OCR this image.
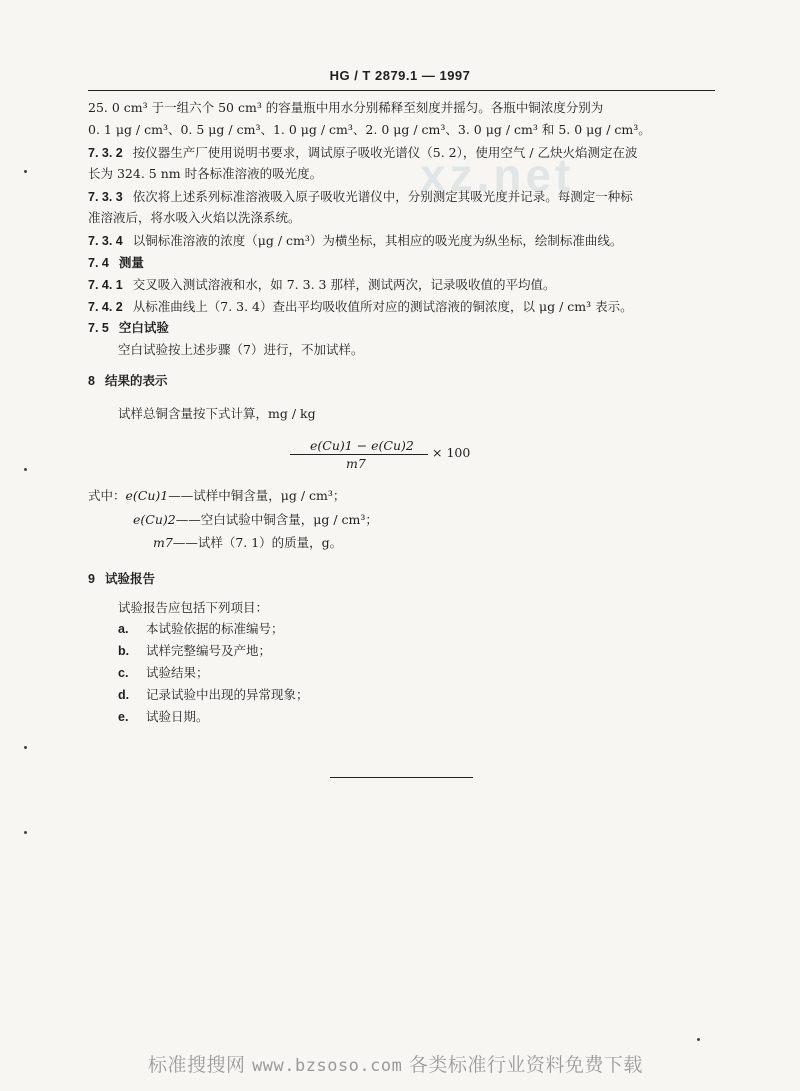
xz.net
HG / T 2879.1 — 1997
25. 0 cm³ 于一组六个 50 cm³ 的容量瓶中用水分别稀释至刻度并摇匀。各瓶中铜浓度分别为
0. 1 μg / cm³、0. 5 μg / cm³、1. 0 μg / cm³、2. 0 μg / cm³、3. 0 μg / cm³ 和 5. 0 μg / cm³。
7. 3. 2 按仪器生产厂使用说明书要求，调试原子吸收光谱仪（5. 2），使用空气 / 乙炔火焰测定在波
长为 324. 5 nm 时各标准溶液的吸光度。
7. 3. 3 依次将上述系列标准溶液吸入原子吸收光谱仪中，分别测定其吸光度并记录。每测定一种标
准溶液后，将水吸入火焰以洗涤系统。
7. 3. 4 以铜标准溶液的浓度（μg / cm³）为横坐标，其相应的吸光度为纵坐标，绘制标准曲线。
7. 4 测量
7. 4. 1 交叉吸入测试溶液和水，如 7. 3. 3 那样，测试两次，记录吸收值的平均值。
7. 4. 2 从标准曲线上（7. 3. 4）查出平均吸收值所对应的测试溶液的铜浓度，以 μg / cm³ 表示。
7. 5 空白试验
空白试验按上述步骤（7）进行，不加试样。
8 结果的表示
试样总铜含量按下式计算，mg / kg
e(Cu)1 − e(Cu)2
m7
× 100
式中：e(Cu)1——试样中铜含量，μg / cm³；
e(Cu)2——空白试验中铜含量，μg / cm³；
m7——试样（7. 1）的质量，g。
9 试验报告
试验报告应包括下列项目：
a. 本试验依据的标准编号；
b. 试样完整编号及产地；
c. 试验结果；
d. 记录试验中出现的异常现象；
e. 试验日期。
标准搜搜网 www.bzsoso.com 各类标准行业资料免费下载
